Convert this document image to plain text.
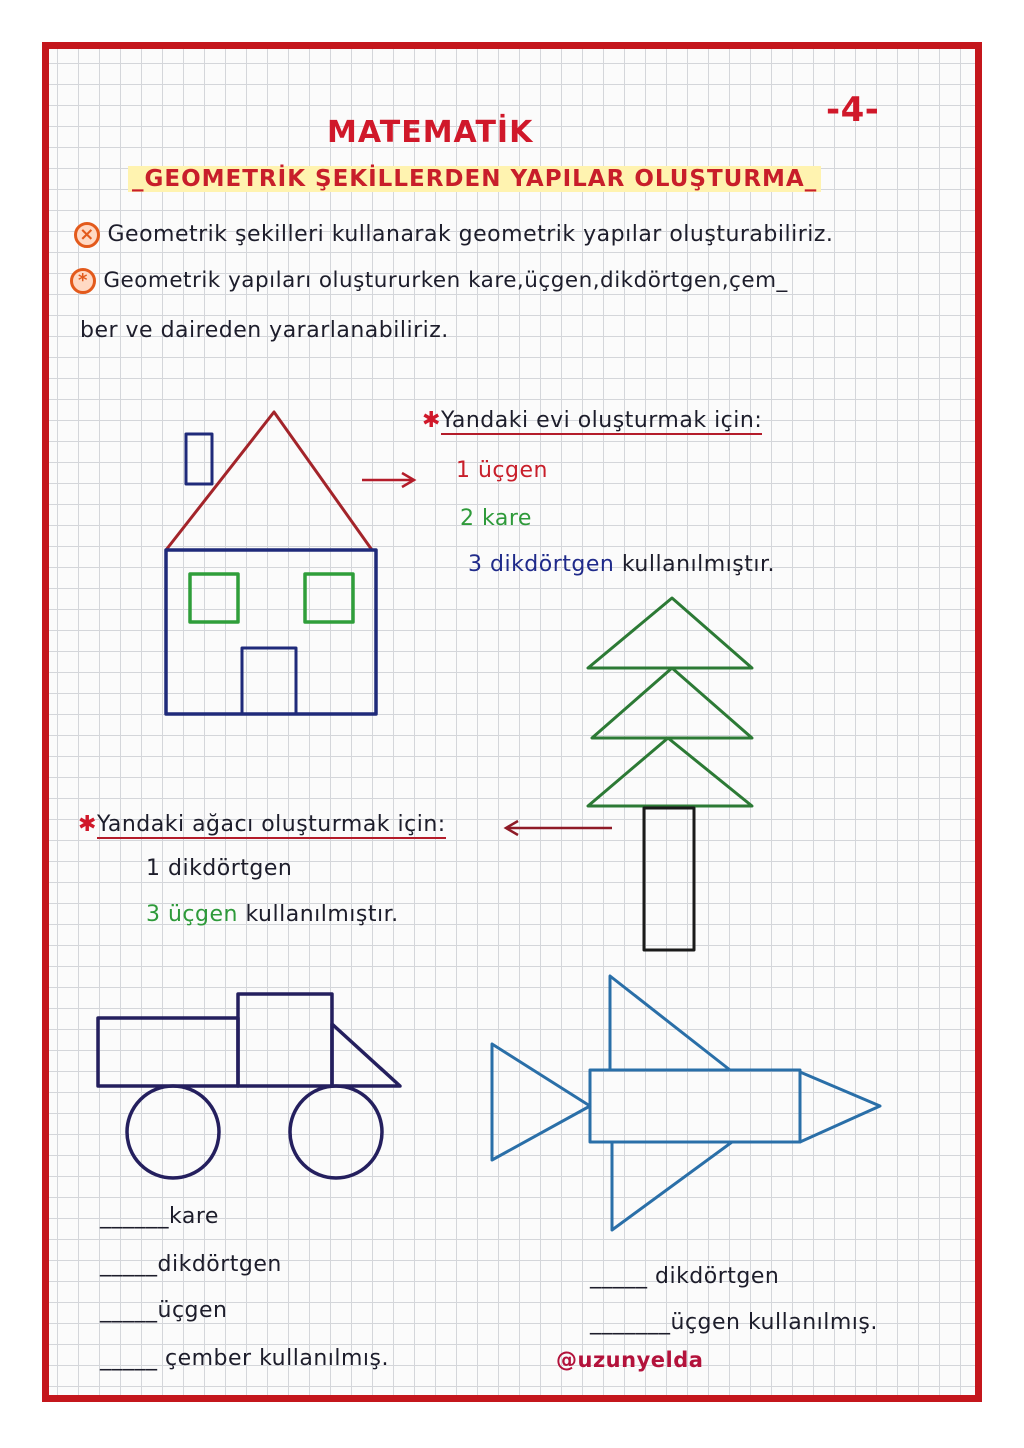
MATEMATİK
-4-
_GEOMETRİK ŞEKİLLERDEN YAPILAR OLUŞTURMA_
× Geometrik şekilleri kullanarak geometrik yapılar oluşturabiliriz.
* Geometrik yapıları oluştururken kare,üçgen,dikdörtgen,çem_
ber ve daireden yararlanabiliriz.
✱Yandaki evi oluşturmak için:
1 üçgen
2 kare
3 dikdörtgen kullanılmıştır.
✱Yandaki ağacı oluşturmak için:
1 dikdörtgen
3 üçgen kullanılmıştır.
______kare
_____dikdörtgen
_____üçgen
_____ çember kullanılmış.
_____ dikdörtgen
_______üçgen kullanılmış.
@uzunyelda
